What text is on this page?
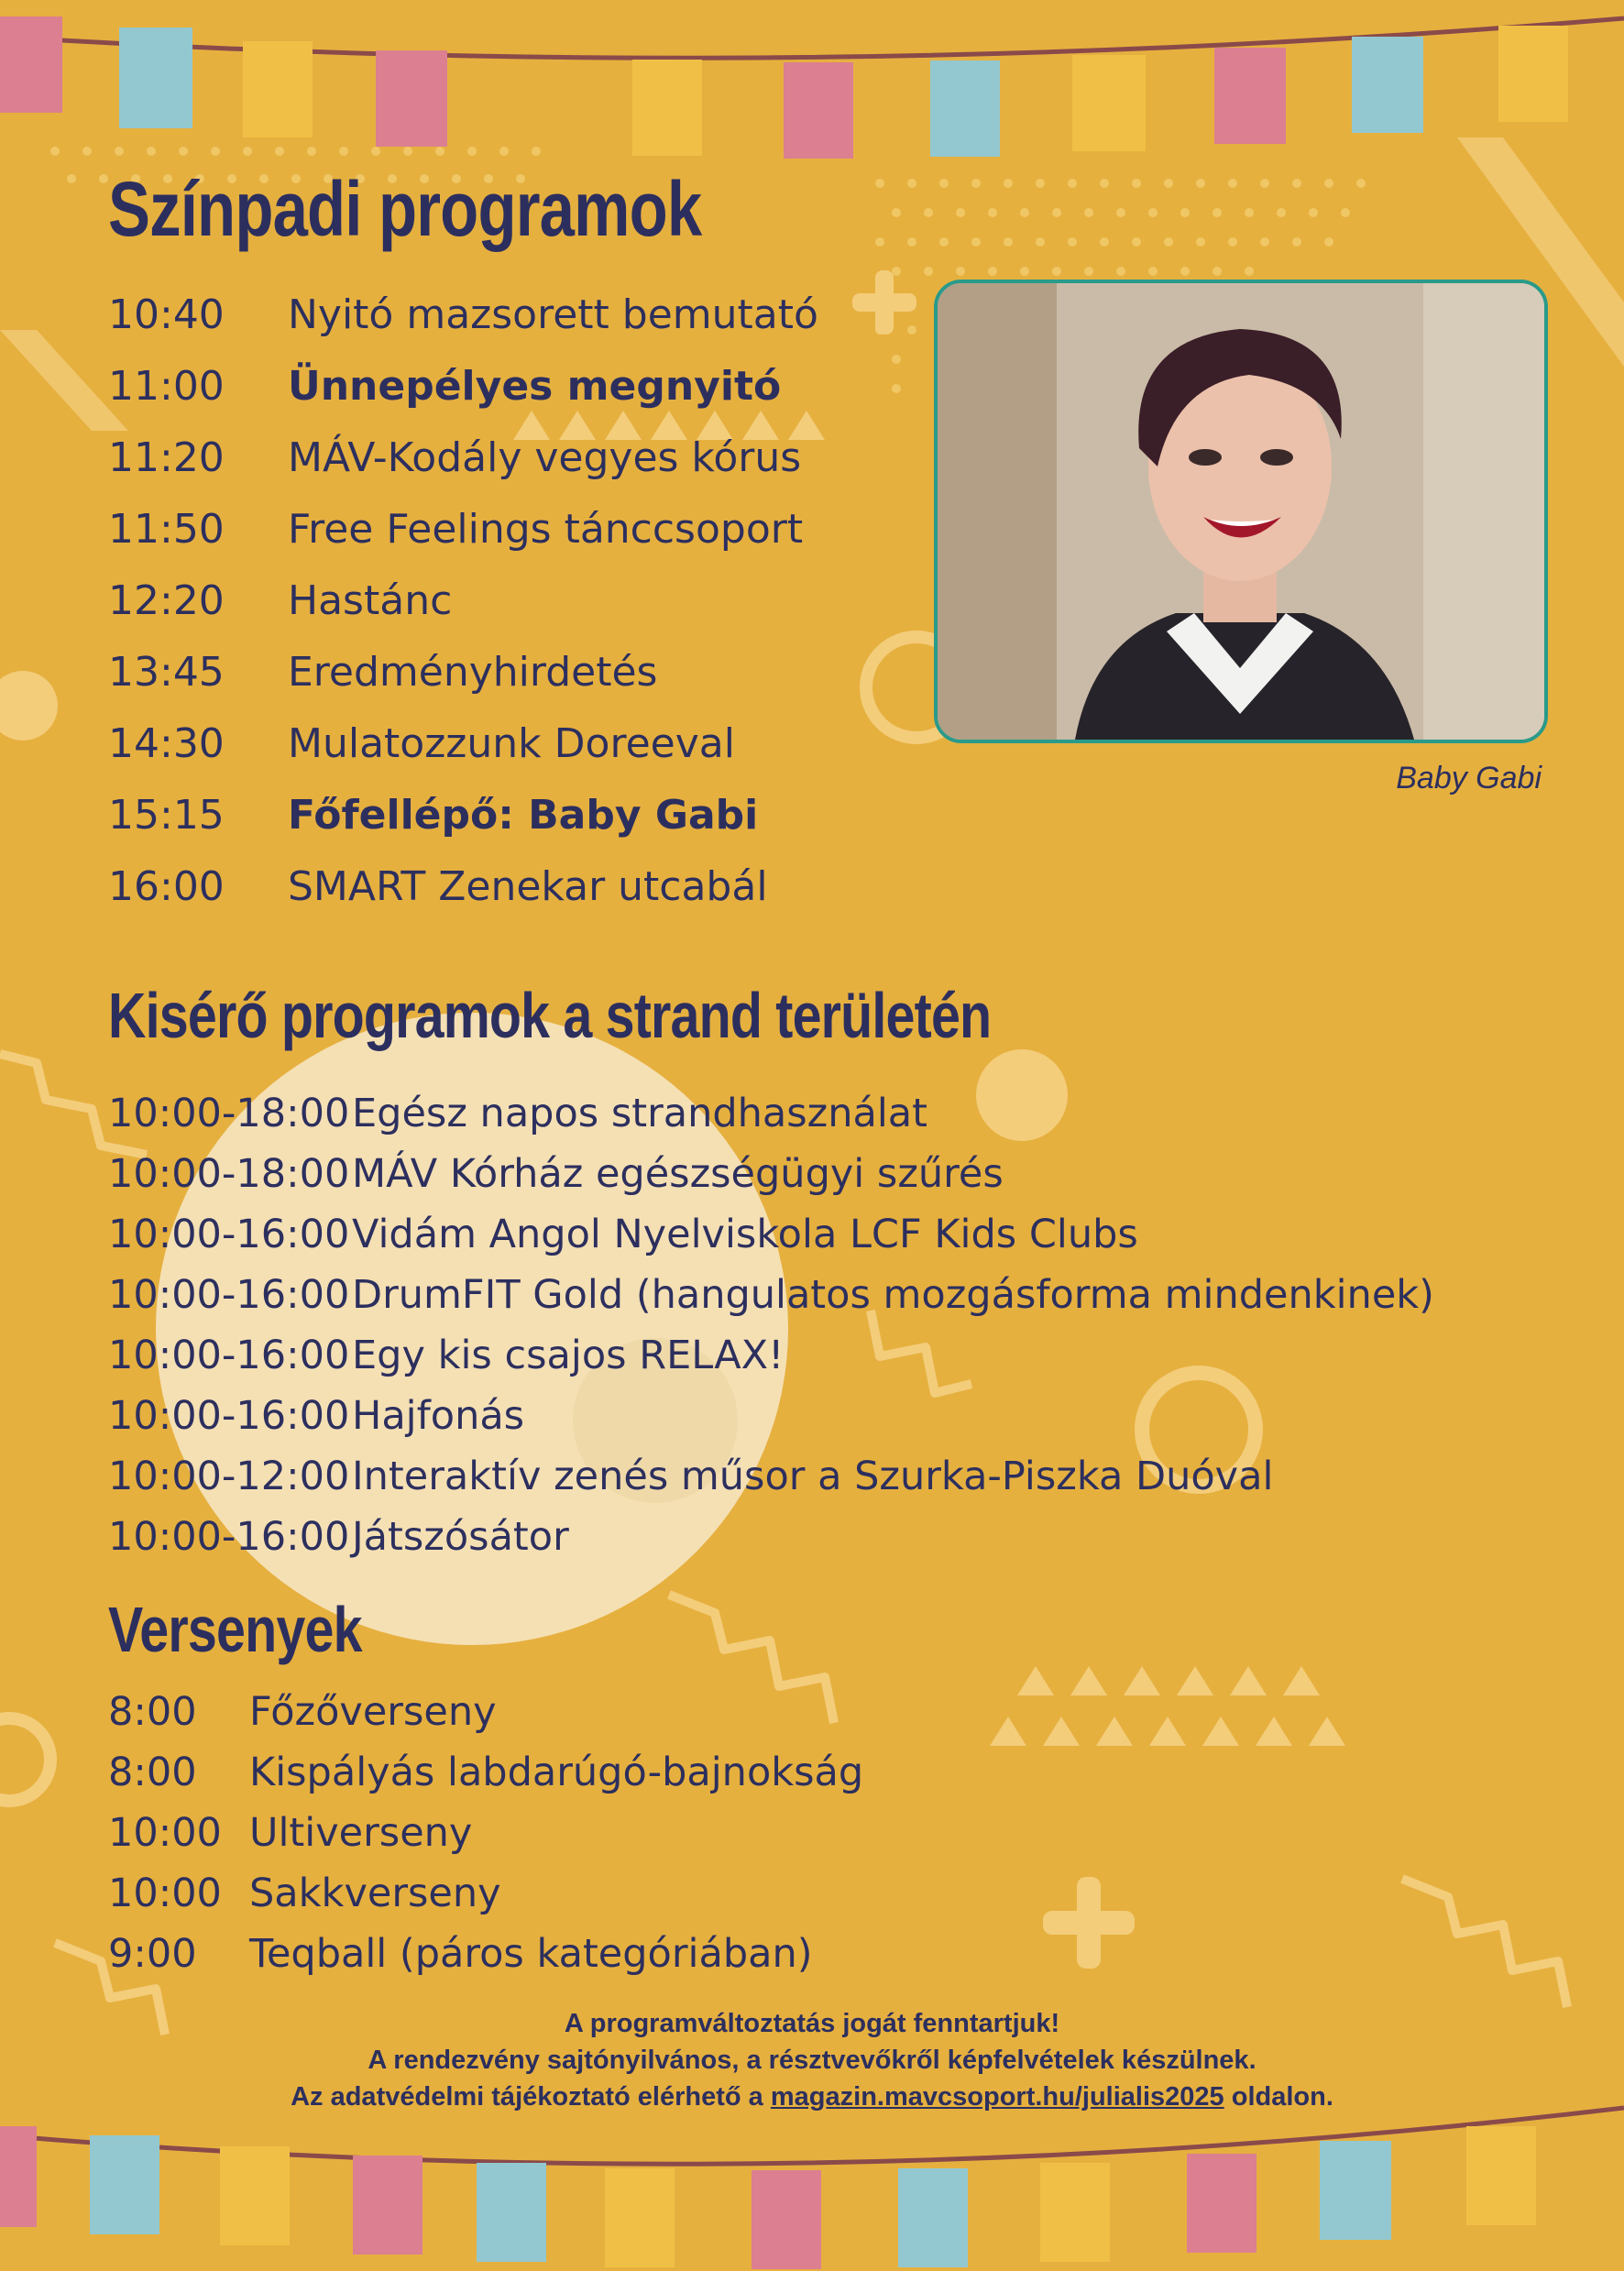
Színpadi programok
10:40 Nyitó mazsorett bemutató
11:00 Ünnepélyes megnyitó
11:20 MÁV-Kodály vegyes kórus
11:50 Free Feelings tánccsoport
12:20 Hastánc
13:45 Eredményhirdetés
14:30 Mulatozzunk Doreeval
15:15 Főfellépő: Baby Gabi
16:00 SMART Zenekar utcabál
Baby Gabi
Kisérő programok a strand területén
10:00-18:00 Egész napos strandhasználat
10:00-18:00 MÁV Kórház egészségügyi szűrés
10:00-16:00 Vidám Angol Nyelviskola LCF Kids Clubs
10:00-16:00 DrumFIT Gold (hangulatos mozgásforma mindenkinek)
10:00-16:00 Egy kis csajos RELAX!
10:00-16:00 Hajfonás
10:00-12:00 Interaktív zenés műsor a Szurka-Piszka Duóval
10:00-16:00 Játszósátor
Versenyek
8:00 Főzőverseny
8:00 Kispályás labdarúgó-bajnokság
10:00 Ultiverseny
10:00 Sakkverseny
9:00 Teqball (páros kategóriában)
A programváltoztatás jogát fenntartjuk!
A rendezvény sajtónyilvános, a résztvevőkről képfelvételek készülnek.
Az adatvédelmi tájékoztató elérhető a magazin.mavcsoport.hu/julialis2025 oldalon.
